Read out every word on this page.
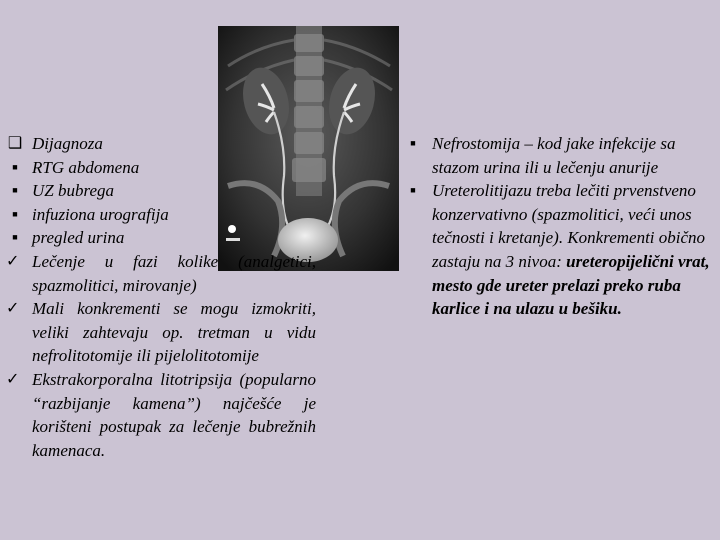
❑ Dijagnoza
■ RTG abdomena
■ UZ bubrega
■ infuziona urografija
■ pregled urina
✓ Lečenje u fazi kolike (analgetici, spazmolitici, mirovanje)
✓ Mali konkrementi se mogu izmokriti, veliki zahtevaju op. tretman u vidu nefrolitotomije ili pijelolitotomije
✓ Ekstrakorporalna litotripsija (popularno “razbijanje kamena”) najčešće je korišteni postupak za lečenje bubrežnih kamenaca.
■ Nefrostomija – kod jake infekcije sa stazom urina ili u lečenju anurije
■ Ureterolitijazu treba lečiti prvenstveno konzervativno (spazmolitici, veći unos tečnosti i kretanje). Konkrementi obično zastaju na 3 nivoa: ureteropijelični vrat, mesto gde ureter prelazi preko ruba karlice i na ulazu u bešiku.
